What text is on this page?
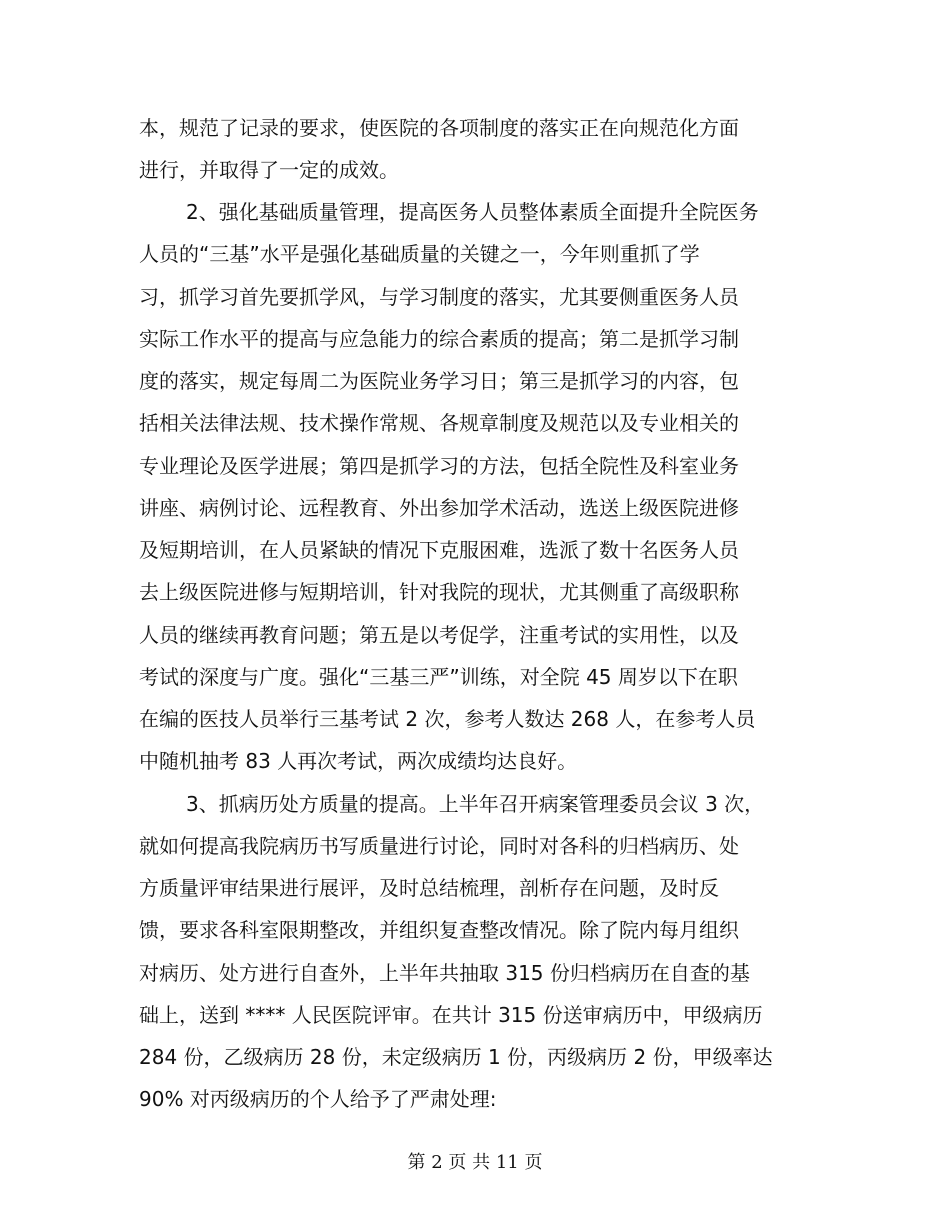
本，规范了记录的要求，使医院的各项制度的落实正在向规范化方面
进行，并取得了一定的成效。
2、强化基础质量管理，提高医务人员整体素质全面提升全院医务
人员的“三基”水平是强化基础质量的关键之一，今年则重抓了学
习，抓学习首先要抓学风，与学习制度的落实，尤其要侧重医务人员
实际工作水平的提高与应急能力的综合素质的提高；第二是抓学习制
度的落实，规定每周二为医院业务学习日；第三是抓学习的内容，包
括相关法律法规、技术操作常规、各规章制度及规范以及专业相关的
专业理论及医学进展；第四是抓学习的方法，包括全院性及科室业务
讲座、病例讨论、远程教育、外出参加学术活动，选送上级医院进修
及短期培训，在人员紧缺的情况下克服困难，选派了数十名医务人员
去上级医院进修与短期培训，针对我院的现状，尤其侧重了高级职称
人员的继续再教育问题；第五是以考促学，注重考试的实用性，以及
考试的深度与广度。强化“三基三严”训练，对全院 45 周岁以下在职
在编的医技人员举行三基考试 2 次，参考人数达 268 人，在参考人员
中随机抽考 83 人再次考试，两次成绩均达良好。
3、抓病历处方质量的提高。上半年召开病案管理委员会议 3 次，
就如何提高我院病历书写质量进行讨论，同时对各科的归档病历、处
方质量评审结果进行展评，及时总结梳理，剖析存在问题，及时反
馈，要求各科室限期整改，并组织复查整改情况。除了院内每月组织
对病历、处方进行自查外，上半年共抽取 315 份归档病历在自查的基
础上，送到 **** 人民医院评审。在共计 315 份送审病历中，甲级病历
284 份，乙级病历 28 份，未定级病历 1 份，丙级病历 2 份，甲级率达
90% 对丙级病历的个人给予了严肃处理:
第 2 页 共 11 页
